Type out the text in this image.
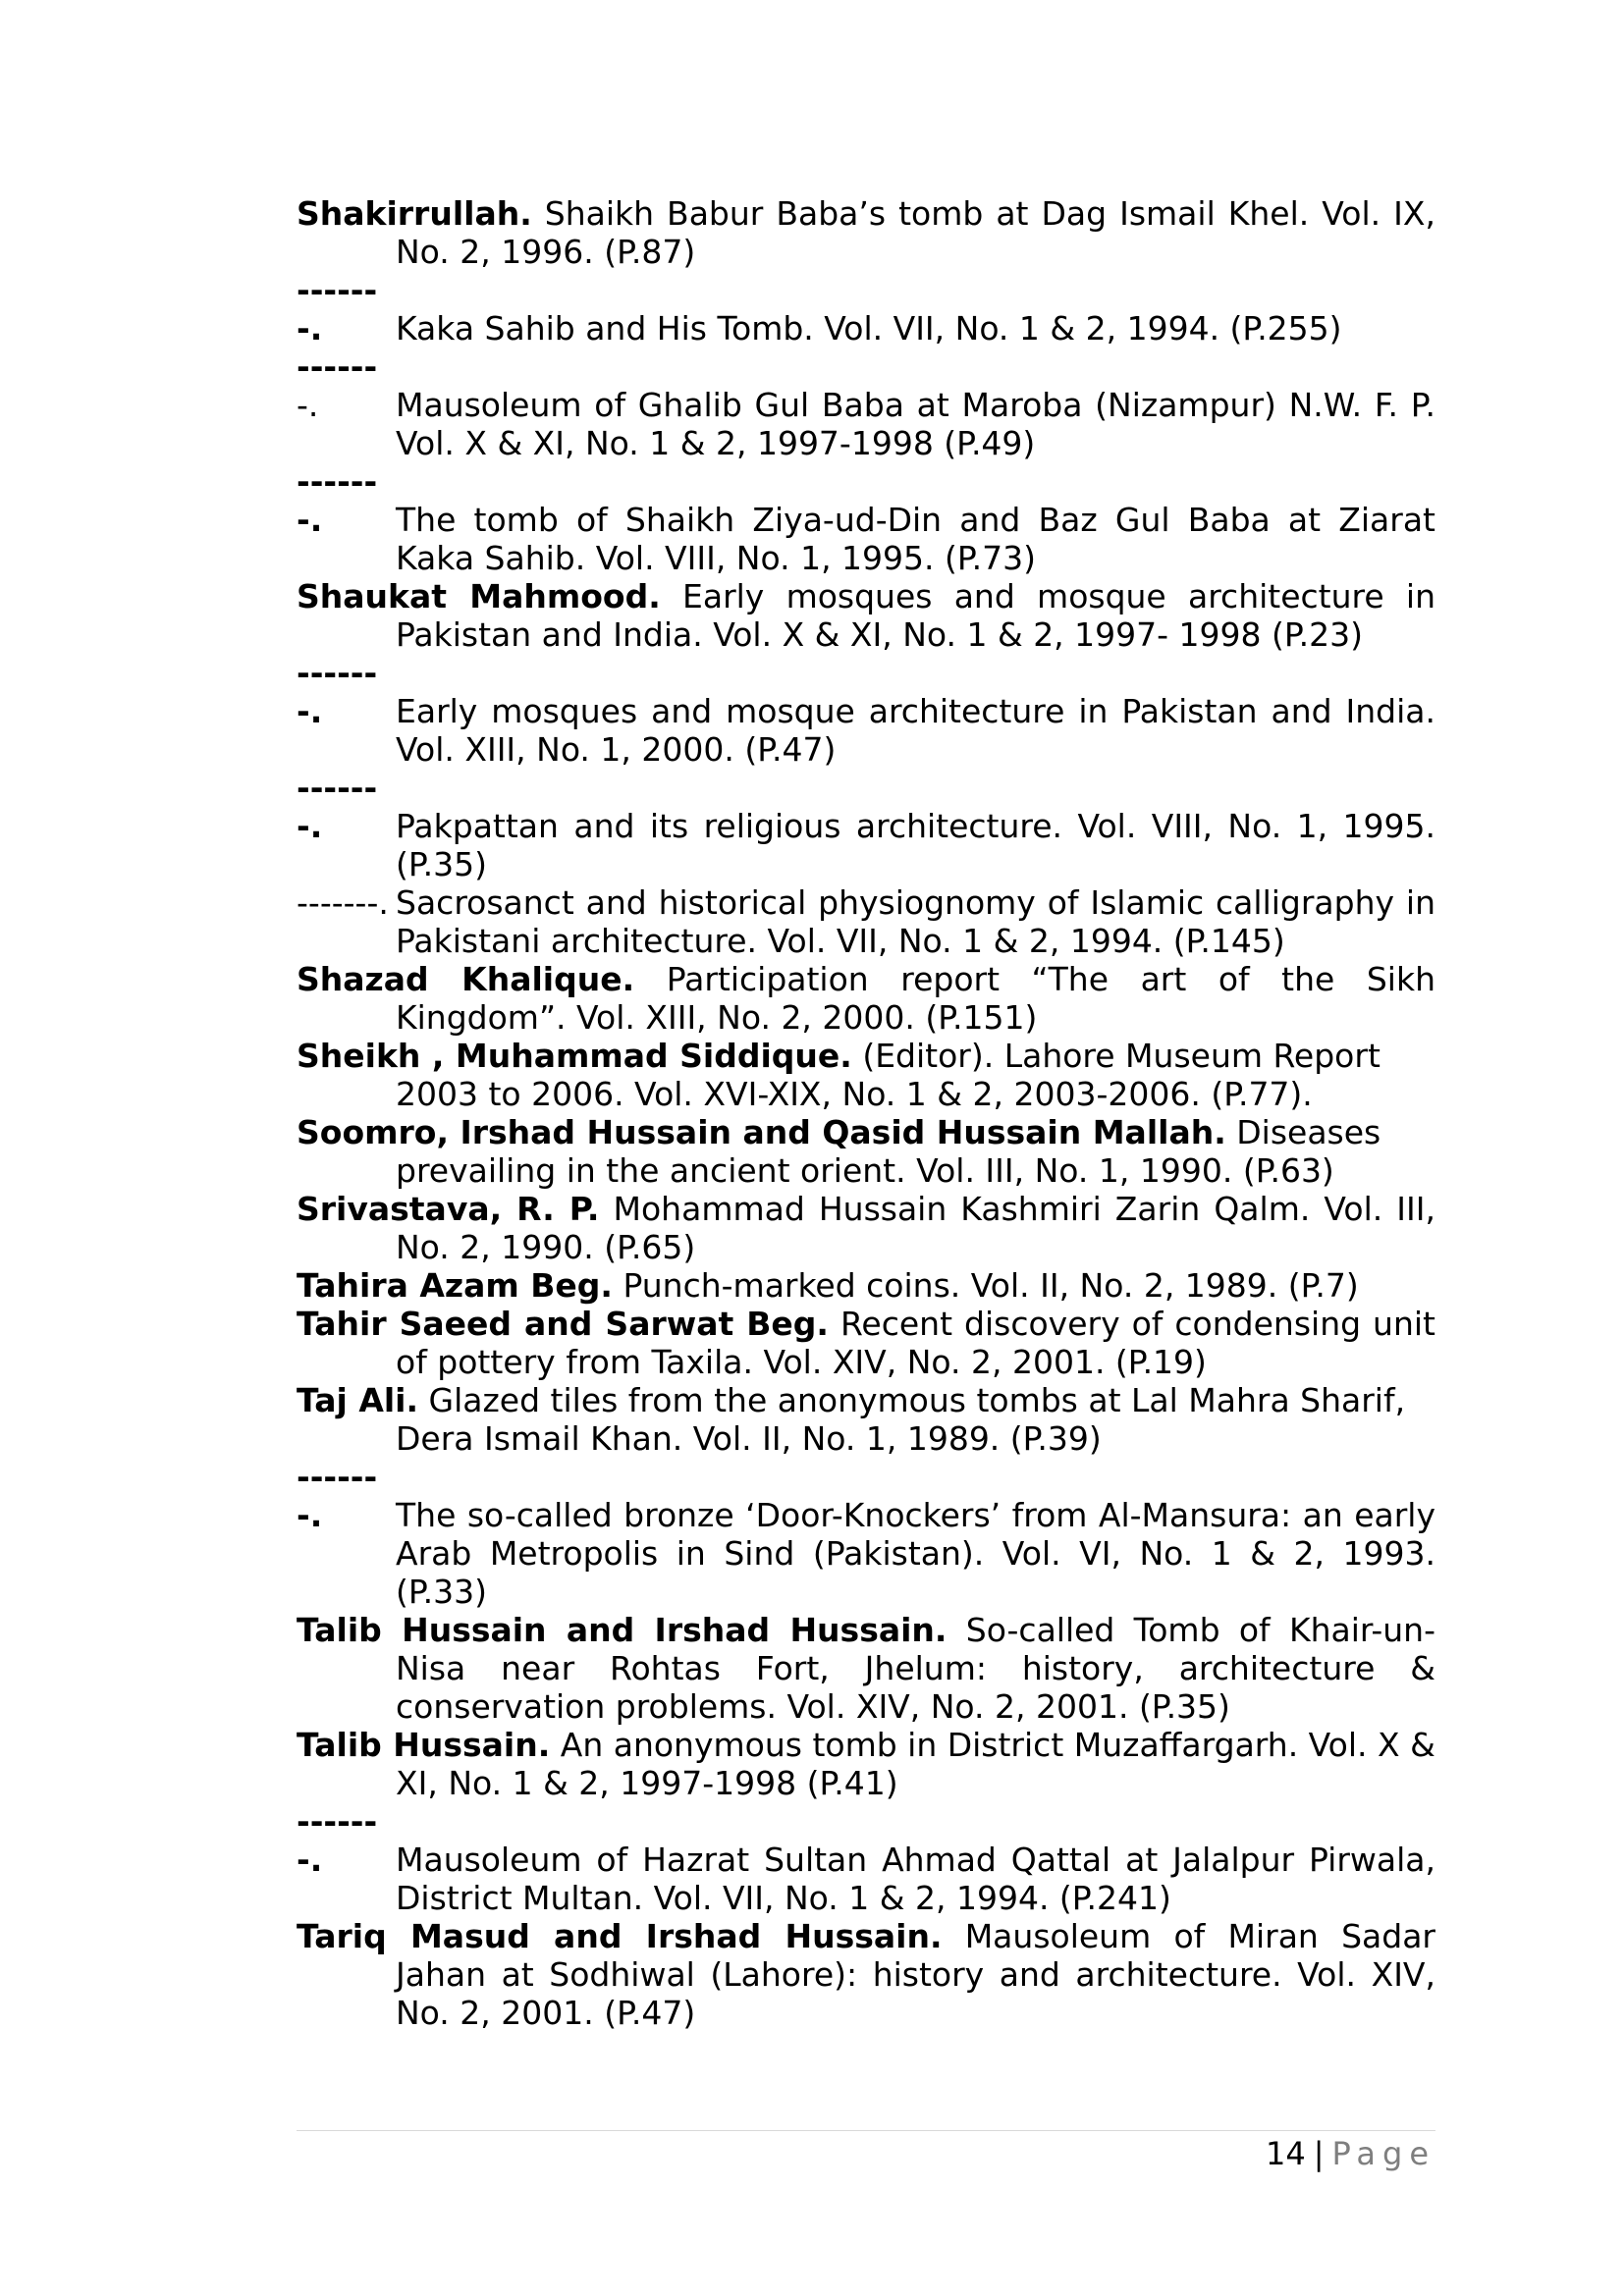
Shakirrullah. Shaikh Babur Baba’s tomb at Dag Ismail Khel. Vol. IX, No. 2, 1996. (P.87)
-------. Kaka Sahib and His Tomb. Vol. VII, No. 1 & 2, 1994. (P.255)
-------. Mausoleum of Ghalib Gul Baba at Maroba (Nizampur) N.W. F. P. Vol. X & XI, No. 1 & 2, 1997-1998 (P.49)
-------. The tomb of Shaikh Ziya-ud-Din and Baz Gul Baba at Ziarat Kaka Sahib. Vol. VIII, No. 1, 1995. (P.73)
Shaukat Mahmood. Early mosques and mosque architecture in Pakistan and India. Vol. X & XI, No. 1 & 2, 1997- 1998 (P.23)
-------. Early mosques and mosque architecture in Pakistan and India. Vol. XIII, No. 1, 2000. (P.47)
-------. Pakpattan and its religious architecture. Vol. VIII, No. 1, 1995. (P.35)
-------. Sacrosanct and historical physiognomy of Islamic calligraphy in Pakistani architecture. Vol. VII, No. 1 & 2, 1994. (P.145)
Shazad Khalique. Participation report “The art of the Sikh Kingdom”. Vol. XIII, No. 2, 2000. (P.151)
Sheikh , Muhammad Siddique. (Editor). Lahore Museum Report 2003 to 2006. Vol. XVI-XIX, No. 1 & 2, 2003-2006. (P.77).
Soomro, Irshad Hussain and Qasid Hussain Mallah. Diseases prevailing in the ancient orient. Vol. III, No. 1, 1990. (P.63)
Srivastava, R. P. Mohammad Hussain Kashmiri Zarin Qalm. Vol. III, No. 2, 1990. (P.65)
Tahira Azam Beg. Punch-marked coins. Vol. II, No. 2, 1989. (P.7)
Tahir Saeed and Sarwat Beg. Recent discovery of condensing unit of pottery from Taxila. Vol. XIV, No. 2, 2001. (P.19)
Taj Ali. Glazed tiles from the anonymous tombs at Lal Mahra Sharif, Dera Ismail Khan. Vol. II, No. 1, 1989. (P.39)
-------. The so-called bronze ‘Door-Knockers’ from Al-Mansura: an early Arab Metropolis in Sind (Pakistan). Vol. VI, No. 1 & 2, 1993. (P.33)
Talib Hussain and Irshad Hussain. So-called Tomb of Khair-un-Nisa near Rohtas Fort, Jhelum: history, architecture & conservation problems. Vol. XIV, No. 2, 2001. (P.35)
Talib Hussain. An anonymous tomb in District Muzaffargarh. Vol. X & XI, No. 1 & 2, 1997-1998 (P.41)
-------. Mausoleum of Hazrat Sultan Ahmad Qattal at Jalalpur Pirwala, District Multan. Vol. VII, No. 1 & 2, 1994. (P.241)
Tariq Masud and Irshad Hussain. Mausoleum of Miran Sadar Jahan at Sodhiwal (Lahore): history and architecture. Vol. XIV, No. 2, 2001. (P.47)
14 | Page
